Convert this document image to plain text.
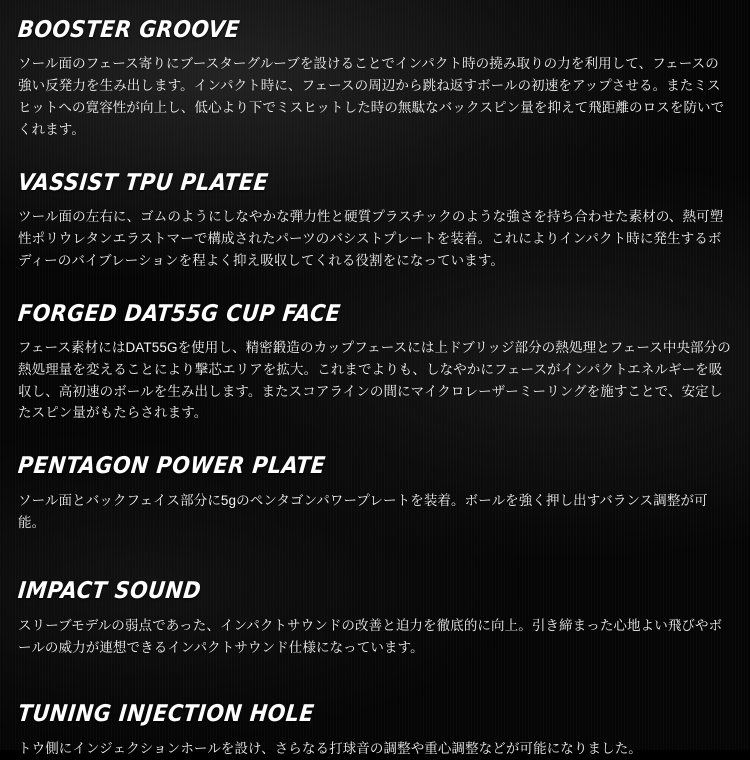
BOOSTER GROOVE

ソール面のフェース寄りにブースターグルーブを設けることでインパクト時の撓み取りの力を利用して、フェースの強い反発力を生み出します。インパクト時に、フェースの周辺から跳ね返すボールの初速をアップさせる。またミスヒットへの寛容性が向上し、低心より下でミスヒットした時の無駄なバックスピン量を抑えて飛距離のロスを防いでくれます。

VASSIST TPU PLATEE

ツール面の左右に、ゴムのようにしなやかな弾力性と硬質プラスチックのような強さを持ち合わせた素材の、熱可塑性ポリウレタンエラストマーで構成されたパーツのバシストプレートを装着。これによりインパクト時に発生するボディーのバイブレーションを程よく抑え吸収してくれる役割をになっています。

FORGED DAT55G CUP FACE

フェース素材にはDAT55Gを使用し、精密鍛造のカップフェースには上ドブリッジ部分の熱処理とフェース中央部分の熱処理量を変えることにより撃芯エリアを拡大。これまでよりも、しなやかにフェースがインパクトエネルギーを吸収し、高初速のボールを生み出します。またスコアラインの間にマイクロレーザーミーリングを施すことで、安定したスピン量がもたらされます。

PENTAGON POWER PLATE

ソール面とバックフェイス部分に5gのペンタゴンパワープレートを装着。ボールを強く押し出すバランス調整が可能。

IMPACT SOUND

スリーブモデルの弱点であった、インパクトサウンドの改善と迫力を徹底的に向上。引き締まった心地よい飛びやボールの威力が連想できるインパクトサウンド仕様になっています。

TUNING INJECTION HOLE

トウ側にインジェクションホールを設け、さらなる打球音の調整や重心調整などが可能になりました。
